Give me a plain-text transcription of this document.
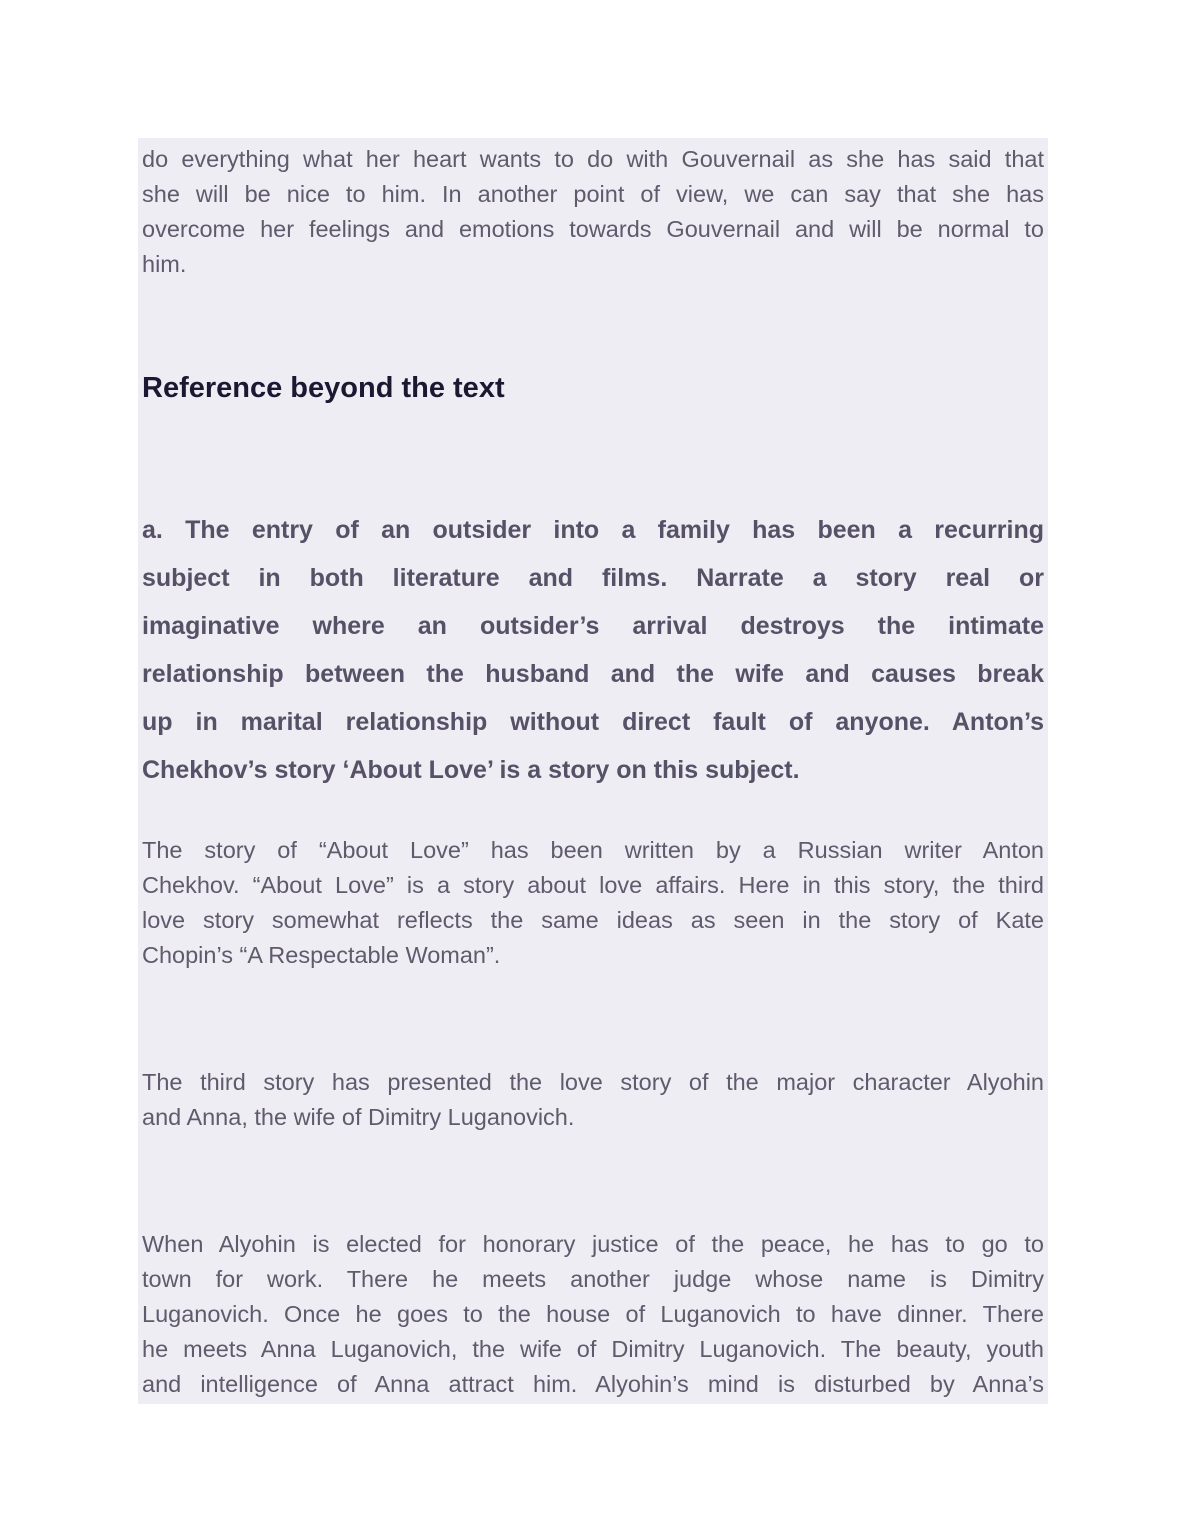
do everything what her heart wants to do with Gouvernail as she has said that
she will be nice to him. In another point of view, we can say that she has
overcome her feelings and emotions towards Gouvernail and will be normal to
him.
Reference beyond the text
a. The entry of an outsider into a family has been a recurring
subject in both literature and films. Narrate a story real or
imaginative where an outsider’s arrival destroys the intimate
relationship between the husband and the wife and causes break
up in marital relationship without direct fault of anyone. Anton’s
Chekhov’s story ‘About Love’ is a story on this subject.
The story of “About Love” has been written by a Russian writer Anton
Chekhov. “About Love” is a story about love affairs. Here in this story, the third
love story somewhat reflects the same ideas as seen in the story of Kate
Chopin’s “A Respectable Woman”.
The third story has presented the love story of the major character Alyohin
and Anna, the wife of Dimitry Luganovich.
When Alyohin is elected for honorary justice of the peace, he has to go to
town for work. There he meets another judge whose name is Dimitry
Luganovich. Once he goes to the house of Luganovich to have dinner. There
he meets Anna Luganovich, the wife of Dimitry Luganovich. The beauty, youth
and intelligence of Anna attract him. Alyohin’s mind is disturbed by Anna’s
